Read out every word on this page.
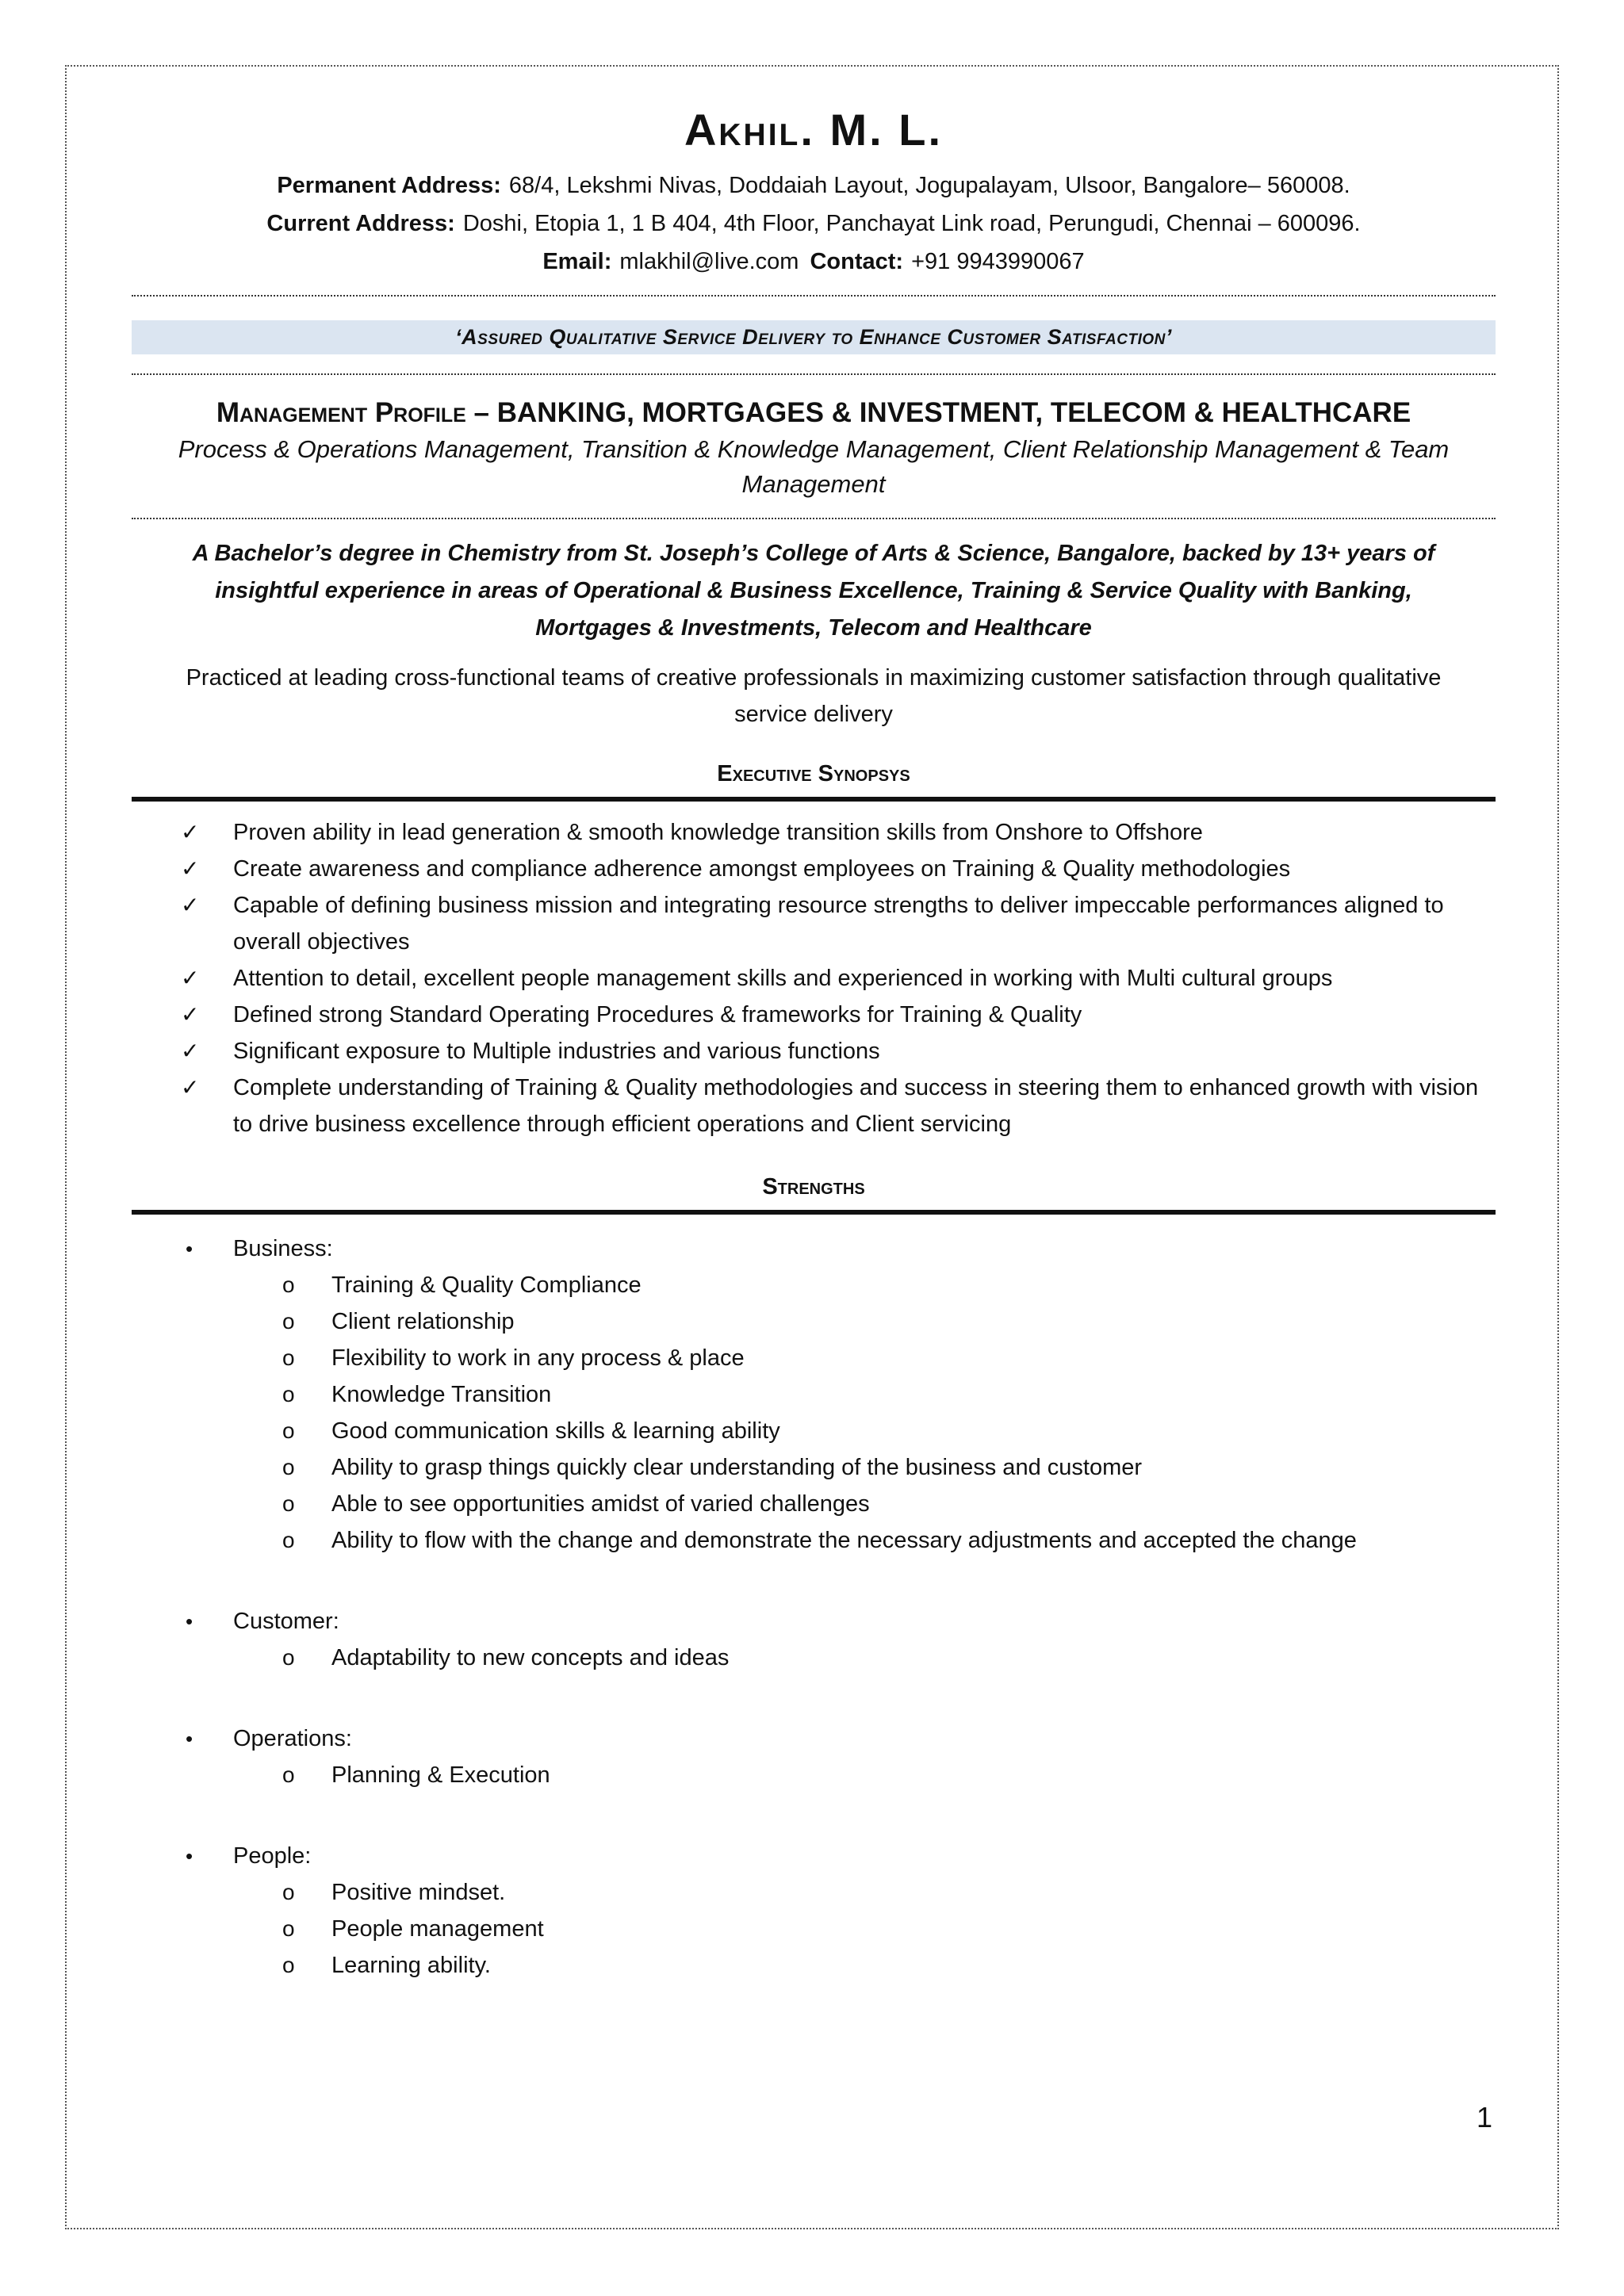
Akhil. M. L.
Permanent Address: 68/4, Lekshmi Nivas, Doddaiah Layout, Jogupalayam, Ulsoor, Bangalore– 560008.
Current Address: Doshi, Etopia 1, 1 B 404, 4th Floor, Panchayat Link road, Perungudi, Chennai – 600096.
Email: mlakhil@live.com Contact: +91 9943990067
‘Assured Qualitative Service Delivery to Enhance Customer Satisfaction’
Management Profile – BANKING, MORTGAGES & INVESTMENT, TELECOM & HEALTHCARE
Process & Operations Management, Transition & Knowledge Management, Client Relationship Management & Team Management
A Bachelor’s degree in Chemistry from St. Joseph’s College of Arts & Science, Bangalore, backed by 13+ years of insightful experience in areas of Operational & Business Excellence, Training & Service Quality with Banking, Mortgages & Investments, Telecom and Healthcare
Practiced at leading cross-functional teams of creative professionals in maximizing customer satisfaction through qualitative service delivery
Executive Synopsys
✓ Proven ability in lead generation & smooth knowledge transition skills from Onshore to Offshore
✓ Create awareness and compliance adherence amongst employees on Training & Quality methodologies
✓ Capable of defining business mission and integrating resource strengths to deliver impeccable performances aligned to overall objectives
✓ Attention to detail, excellent people management skills and experienced in working with Multi cultural groups
✓ Defined strong Standard Operating Procedures & frameworks for Training & Quality
✓ Significant exposure to Multiple industries and various functions
✓ Complete understanding of Training & Quality methodologies and success in steering them to enhanced growth with vision to drive business excellence through efficient operations and Client servicing
Strengths
• Business:
o Training & Quality Compliance
o Client relationship
o Flexibility to work in any process & place
o Knowledge Transition
o Good communication skills & learning ability
o Ability to grasp things quickly clear understanding of the business and customer
o Able to see opportunities amidst of varied challenges
o Ability to flow with the change and demonstrate the necessary adjustments and accepted the change
• Customer:
o Adaptability to new concepts and ideas
• Operations:
o Planning & Execution
• People:
o Positive mindset.
o People management
o Learning ability.
1
